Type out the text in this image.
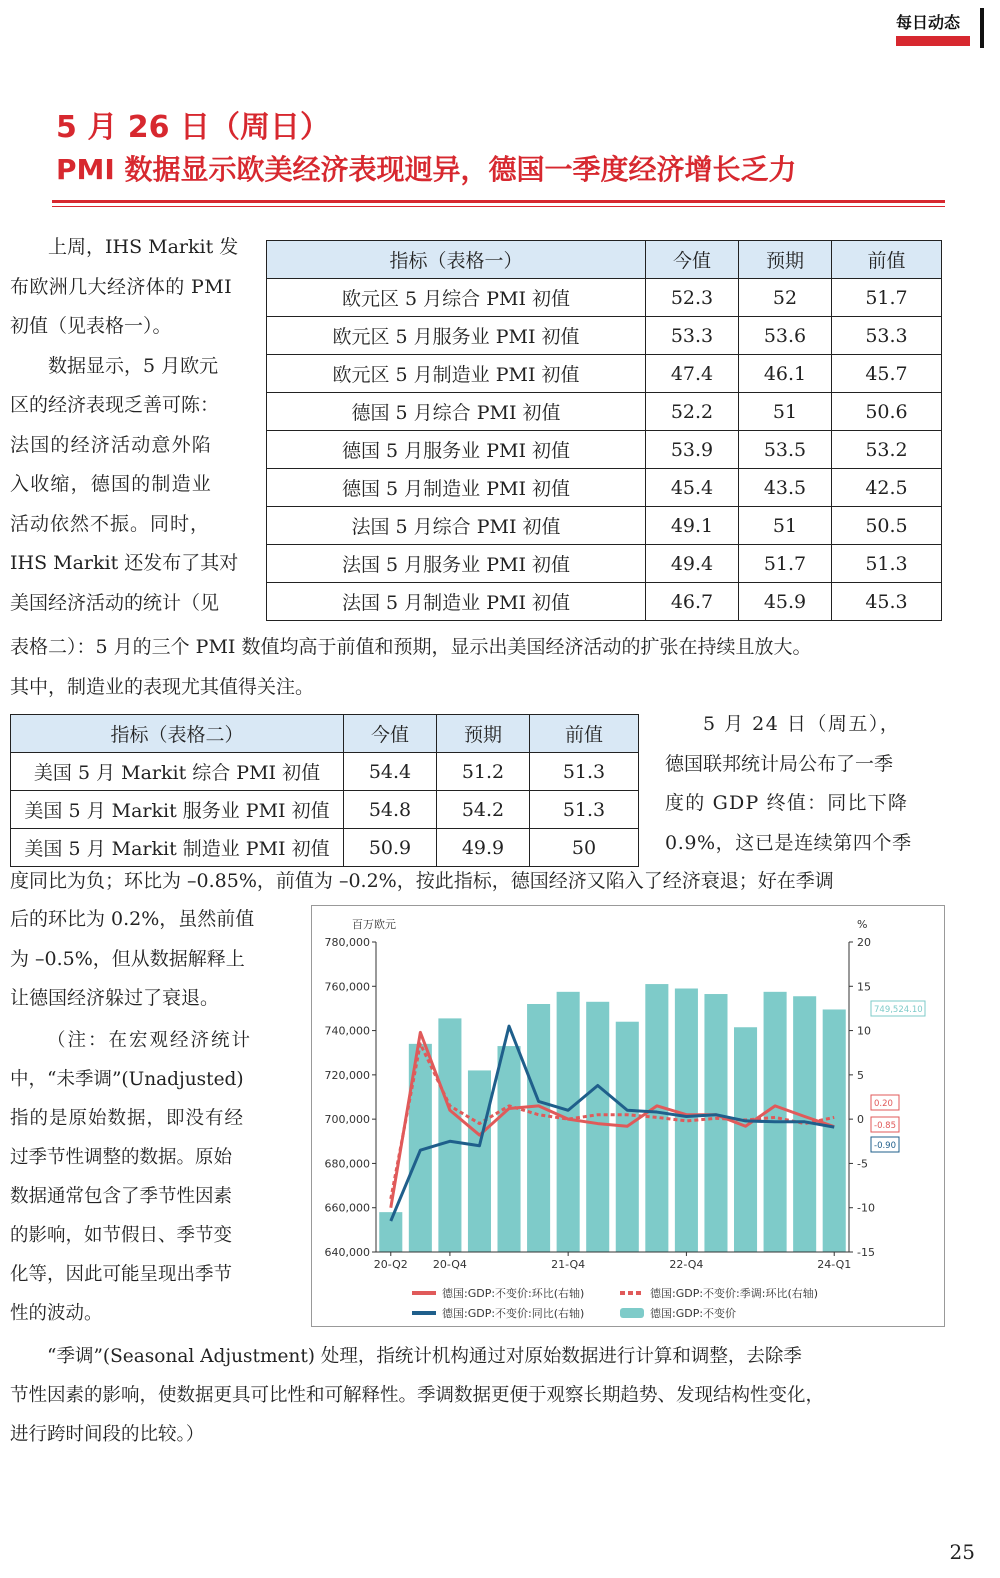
每日动态
5 月 26 日（周日）
PMI 数据显示欧美经济表现迥异，德国一季度经济增长乏力
上周，IHS Markit 发
布欧洲几大经济体的 PMI
初值（见表格一）。
数据显示，5 月欧元
区的经济表现乏善可陈：
法国的经济活动意外陷
入收缩，德国的制造业
活动依然不振。同时，
IHS Markit 还发布了其对
美国经济活动的统计（见
指标（表格一）	今值	预期	前值
欧元区 5 月综合 PMI 初值	52.3	52	51.7
欧元区 5 月服务业 PMI 初值	53.3	53.6	53.3
欧元区 5 月制造业 PMI 初值	47.4	46.1	45.7
德国 5 月综合 PMI 初值	52.2	51	50.6
德国 5 月服务业 PMI 初值	53.9	53.5	53.2
德国 5 月制造业 PMI 初值	45.4	43.5	42.5
法国 5 月综合 PMI 初值	49.1	51	50.5
法国 5 月服务业 PMI 初值	49.4	51.7	51.3
法国 5 月制造业 PMI 初值	46.7	45.9	45.3
表格二）：5 月的三个 PMI 数值均高于前值和预期，显示出美国经济活动的扩张在持续且放大。
其中，制造业的表现尤其值得关注。
指标（表格二）	今值	预期	前值
美国 5 月 Markit 综合 PMI 初值	54.4	51.2	51.3
美国 5 月 Markit 服务业 PMI 初值	54.8	54.2	51.3
美国 5 月 Markit 制造业 PMI 初值	50.9	49.9	50
5 月 24 日（周五），
德国联邦统计局公布了一季
度的 GDP 终值：同比下降
0.9%，这已是连续第四个季
度同比为负；环比为 –0.85%，前值为 –0.2%，按此指标，德国经济又陷入了经济衰退；好在季调
后的环比为 0.2%，虽然前值
为 –0.5%，但从数据解释上
让德国经济躲过了衰退。
（注：在宏观经济统计
中，“未季调”(Unadjusted)
指的是原始数据，即没有经
过季节性调整的数据。原始
数据通常包含了季节性因素
的影响，如节假日、季节变
化等，因此可能呈现出季节
性的波动。
百万欧元	%
640,000
660,000
680,000
700,000
720,000
740,000
760,000
780,000
-15
-10
-5
0
5
10
15
20
20-Q2 20-Q4	21-Q4	22-Q4	24-Q1
749,524.10
0.20
-0.85
-0.90
德国:GDP:不变价:环比(右轴)	德国:GDP:不变价:季调:环比(右轴)
德国:GDP:不变价:同比(右轴)	德国:GDP:不变价
“季调”(Seasonal Adjustment) 处理，指统计机构通过对原始数据进行计算和调整，去除季
节性因素的影响，使数据更具可比性和可解释性。季调数据更便于观察长期趋势、发现结构性变化，
进行跨时间段的比较。）
25
